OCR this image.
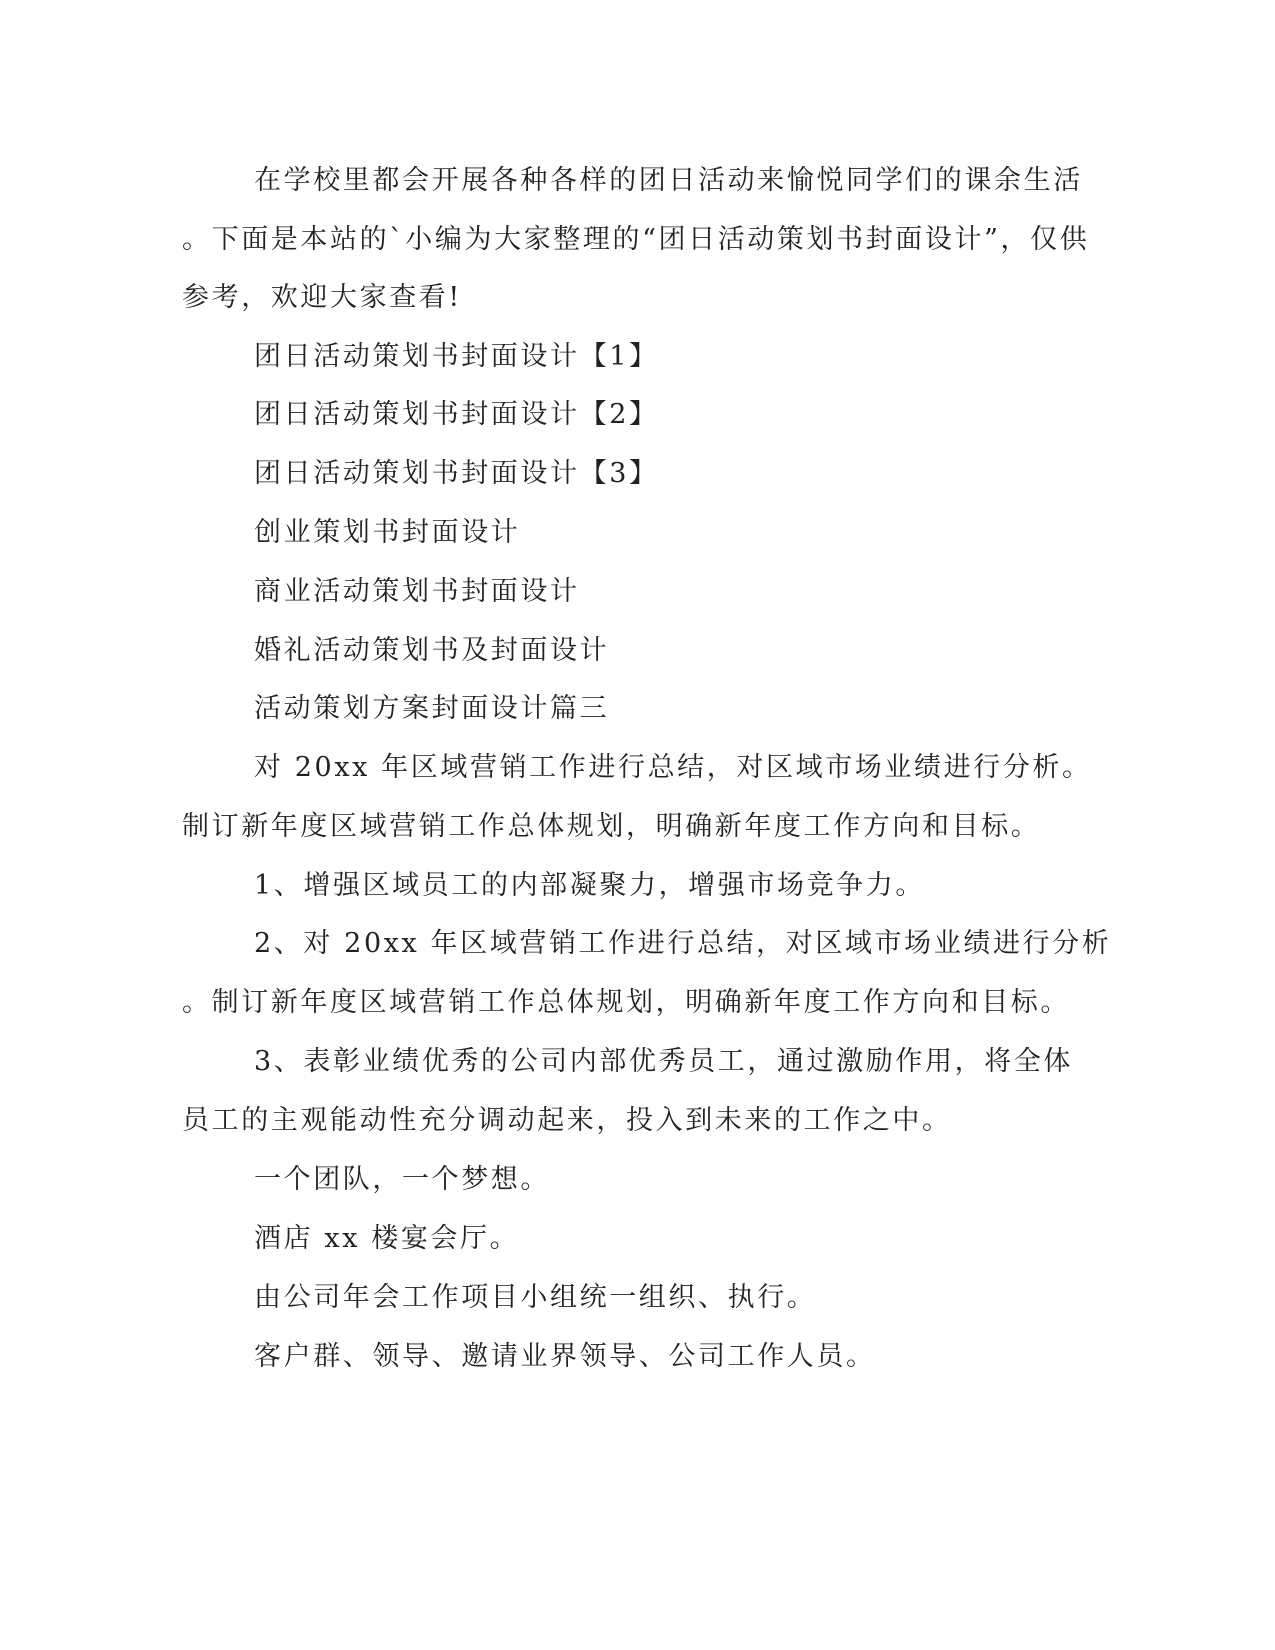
在学校里都会开展各种各样的团日活动来愉悦同学们的课余生活
。下面是本站的`小编为大家整理的“团日活动策划书封面设计”，仅供
参考，欢迎大家查看!
团日活动策划书封面设计【1】
团日活动策划书封面设计【2】
团日活动策划书封面设计【3】
创业策划书封面设计
商业活动策划书封面设计
婚礼活动策划书及封面设计
活动策划方案封面设计篇三
对 20xx 年区域营销工作进行总结，对区域市场业绩进行分析。
制订新年度区域营销工作总体规划，明确新年度工作方向和目标。
1、增强区域员工的内部凝聚力，增强市场竞争力。
2、对 20xx 年区域营销工作进行总结，对区域市场业绩进行分析
。制订新年度区域营销工作总体规划，明确新年度工作方向和目标。
3、表彰业绩优秀的公司内部优秀员工，通过激励作用，将全体
员工的主观能动性充分调动起来，投入到未来的工作之中。
一个团队，一个梦想。
酒店 xx 楼宴会厅。
由公司年会工作项目小组统一组织、执行。
客户群、领导、邀请业界领导、公司工作人员。
